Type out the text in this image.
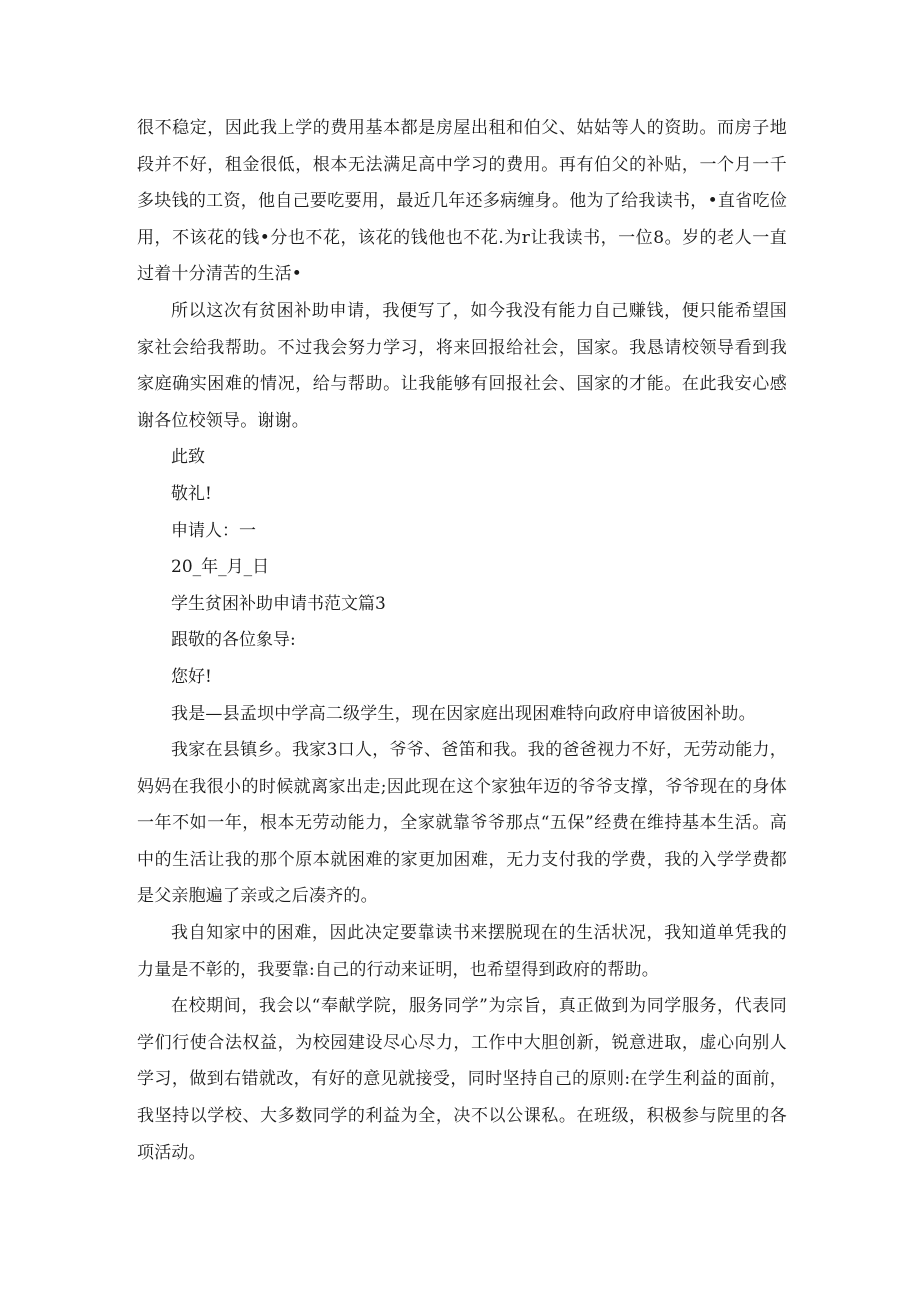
很不稳定，因此我上学的费用基本都是房屋出租和伯父、姑姑等人的资助。而房子地段并不好，租金很低，根本无法满足高中学习的费用。再有伯父的补贴，一个月一千多块钱的工资，他自己要吃要用，最近几年还多病缠身。他为了给我读书，•直省吃俭用，不该花的钱•分也不花，该花的钱他也不花.为r让我读书，一位8。岁的老人一直过着十分清苦的生活•

所以这次有贫困补助申请，我便写了，如今我没有能力自己赚钱，便只能希望国家社会给我帮助。不过我会努力学习，将来回报给社会，国家。我恳请校领导看到我家庭确实困难的情况，给与帮助。让我能够有回报社会、国家的才能。在此我安心感谢各位校领导。谢谢。

此致

敬礼!

申请人：一

20_年_月_日

学生贫困补助申请书范文篇3

跟敬的各位象导:

您好!

我是—县孟坝中学高二级学生，现在因家庭出现困难特向政府申谙彼困补助。

我家在县镇乡。我家3口人，爷爷、爸笛和我。我的爸爸视力不好，无劳动能力，妈妈在我很小的时候就离家出走;因此现在这个家独年迈的爷爷支撑，爷爷现在的身体一年不如一年，根本无劳动能力，全家就靠爷爷那点“五保”经费在维持基本生活。高中的生活让我的那个原本就困难的家更加困难，无力支付我的学费，我的入学学费都是父亲胞遍了亲或之后凑齐的。

我自知家中的困难，因此决定要靠读书来摆脱现在的生活状况，我知道单凭我的力量是不彰的，我要靠:自己的行动来证明，也希望得到政府的帮助。

在校期间，我会以“奉献学院，服务同学”为宗旨，真正做到为同学服务，代表同学们行使合法权益，为校园建设尽心尽力，工作中大胆创新，锐意进取，虚心向别人学习，做到右错就改，有好的意见就接受，同时坚持自己的原则:在学生利益的面前，我坚持以学校、大多数同学的利益为全，决不以公课私。在班级，积极参与院里的各项活动。
